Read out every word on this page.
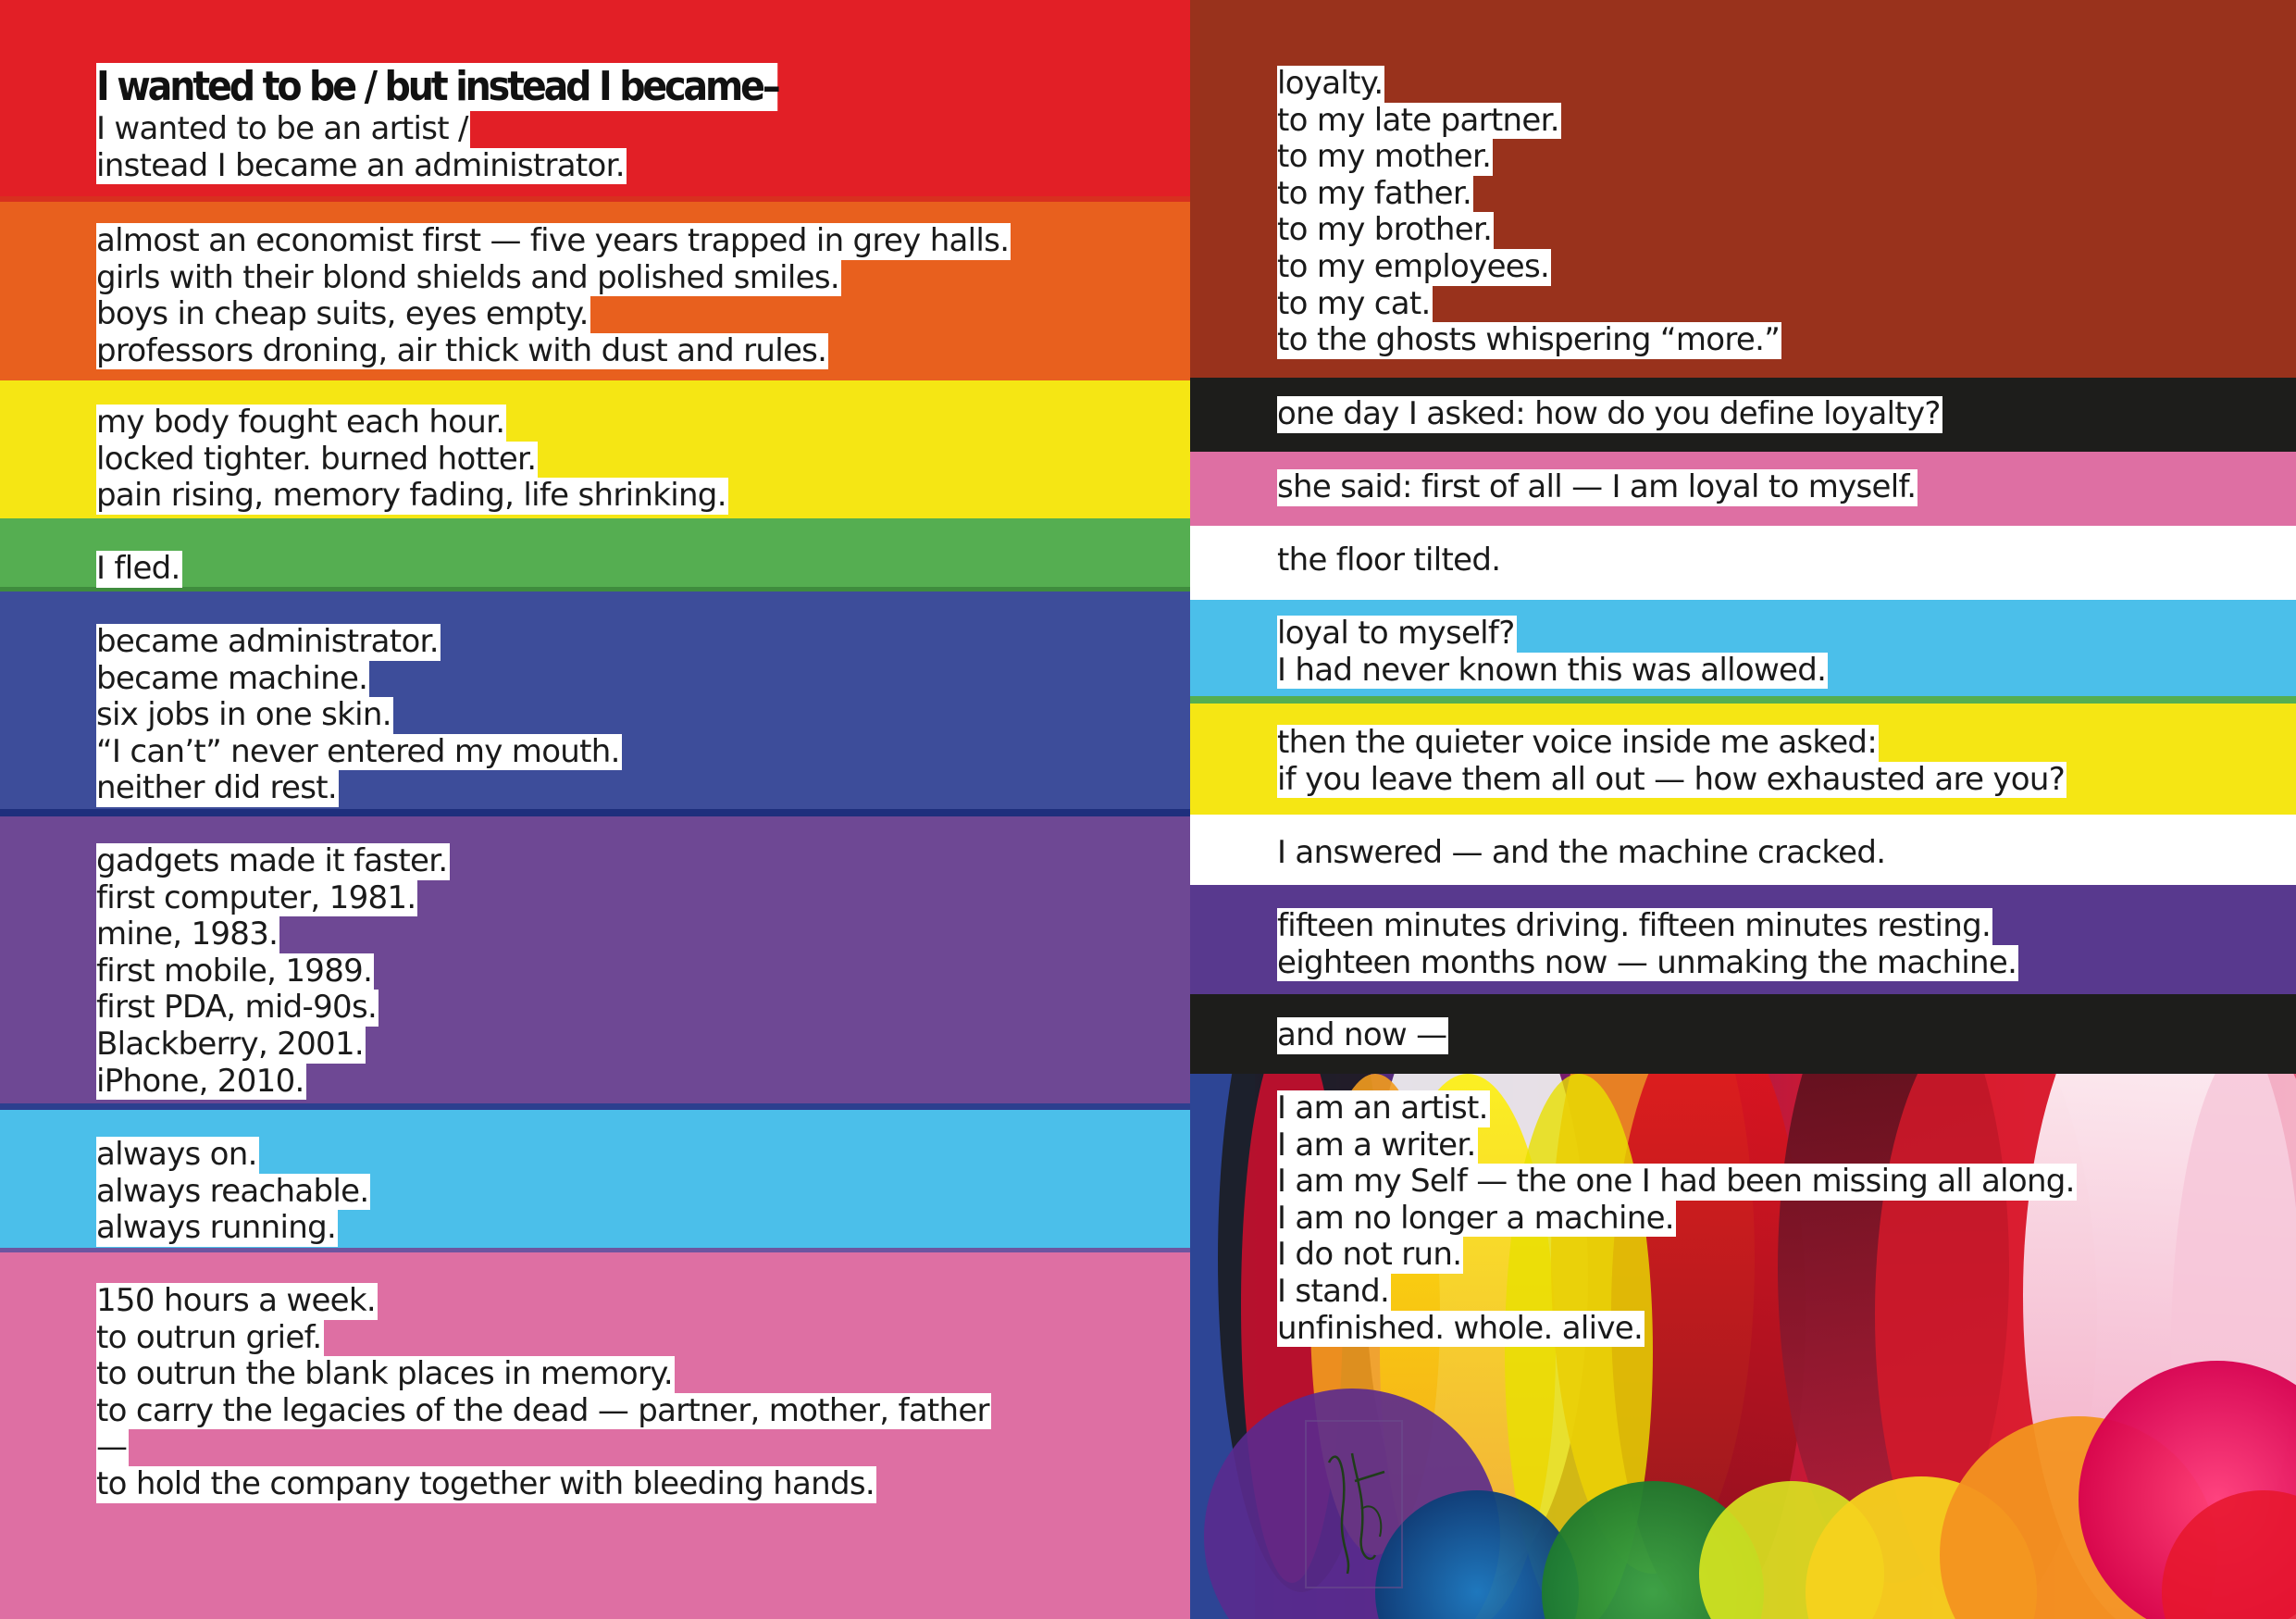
I wanted to be / but instead I became–
I wanted to be an artist /
instead I became an administrator.
almost an economist first — five years trapped in grey halls.
girls with their blond shields and polished smiles.
boys in cheap suits, eyes empty.
professors droning, air thick with dust and rules.
my body fought each hour.
locked tighter. burned hotter.
pain rising, memory fading, life shrinking.
I fled.
became administrator.
became machine.
six jobs in one skin.
“I can’t” never entered my mouth.
neither did rest.
gadgets made it faster.
first computer, 1981.
mine, 1983.
first mobile, 1989.
first PDA, mid-90s.
Blackberry, 2001.
iPhone, 2010.
always on.
always reachable.
always running.
150 hours a week.
to outrun grief.
to outrun the blank places in memory.
to carry the legacies of the dead — partner, mother, father
—
to hold the company together with bleeding hands.
loyalty.
to my late partner.
to my mother.
to my father.
to my brother.
to my employees.
to my cat.
to the ghosts whispering “more.”
one day I asked: how do you define loyalty?
she said: first of all — I am loyal to myself.
the floor tilted.
loyal to myself?
I had never known this was allowed.
then the quieter voice inside me asked:
if you leave them all out — how exhausted are you?
I answered — and the machine cracked.
fifteen minutes driving. fifteen minutes resting.
eighteen months now — unmaking the machine.
and now —
I am an artist.
I am a writer.
I am my Self — the one I had been missing all along.
I am no longer a machine.
I do not run.
I stand.
unfinished. whole. alive.
